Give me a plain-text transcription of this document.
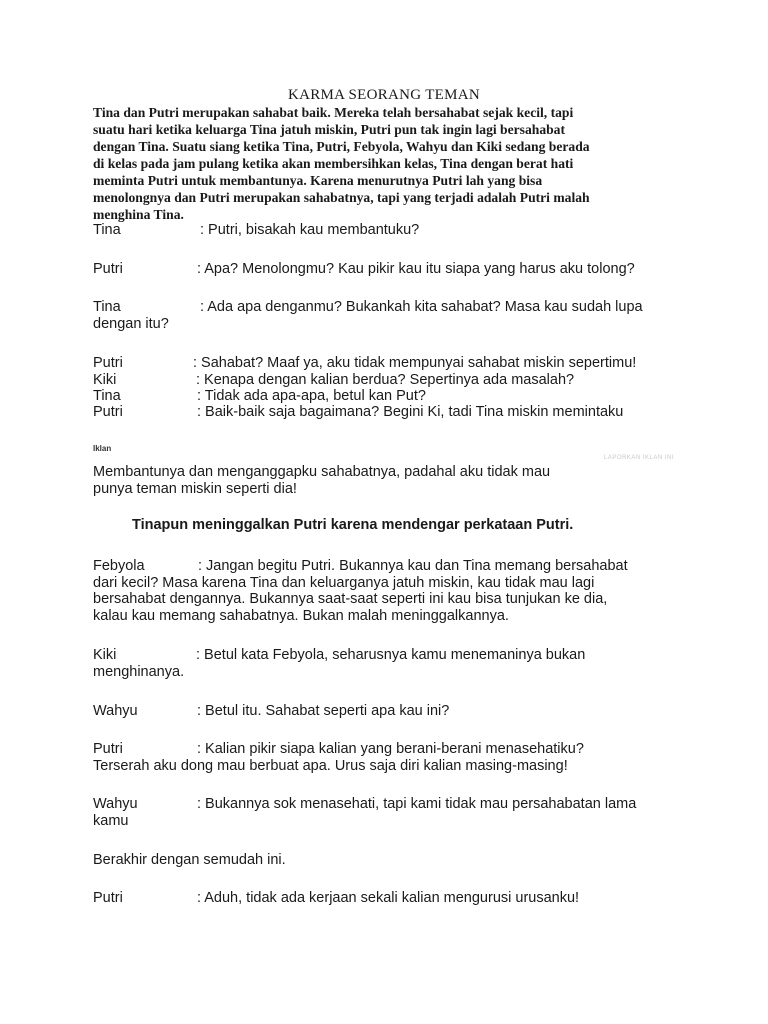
KARMA SEORANG TEMAN
Tina dan Putri merupakan sahabat baik. Mereka telah bersahabat sejak kecil, tapi
suatu hari ketika keluarga Tina jatuh miskin, Putri pun tak ingin lagi bersahabat
dengan Tina. Suatu siang ketika Tina, Putri, Febyola, Wahyu dan Kiki sedang berada
di kelas pada jam pulang ketika akan membersihkan kelas, Tina dengan berat hati
meminta Putri untuk membantunya. Karena menurutnya Putri lah yang bisa
menolongnya dan Putri merupakan sahabatnya, tapi yang terjadi adalah Putri malah
menghina Tina.
Tina	: Putri, bisakah kau membantuku?
Putri	: Apa? Menolongmu? Kau pikir kau itu siapa yang harus aku tolong?
Tina	: Ada apa denganmu? Bukankah kita sahabat? Masa kau sudah lupa
dengan itu?
Putri	: Sahabat? Maaf ya, aku tidak mempunyai sahabat miskin sepertimu!
Kiki	: Kenapa dengan kalian berdua? Sepertinya ada masalah?
Tina	: Tidak ada apa-apa, betul kan Put?
Putri	: Baik-baik saja bagaimana? Begini Ki, tadi Tina miskin memintaku
Iklan
LAPORKAN IKLAN INI
Membantunya dan menganggapku sahabatnya, padahal aku tidak mau
punya teman miskin seperti dia!
Tinapun meninggalkan Putri karena mendengar perkataan Putri.
Febyola	: Jangan begitu Putri. Bukannya kau dan Tina memang bersahabat
dari kecil? Masa karena Tina dan keluarganya jatuh miskin, kau tidak mau lagi
bersahabat dengannya. Bukannya saat-saat seperti ini kau bisa tunjukan ke dia,
kalau kau memang sahabatnya. Bukan malah meninggalkannya.
Kiki	: Betul kata Febyola, seharusnya kamu menemaninya bukan
menghinanya.
Wahyu	: Betul itu. Sahabat seperti apa kau ini?
Putri	: Kalian pikir siapa kalian yang berani-berani menasehatiku?
Terserah aku dong mau berbuat apa. Urus saja diri kalian masing-masing!
Wahyu	: Bukannya sok menasehati, tapi kami tidak mau persahabatan lama
kamu
Berakhir dengan semudah ini.
Putri	: Aduh, tidak ada kerjaan sekali kalian mengurusi urusanku!
